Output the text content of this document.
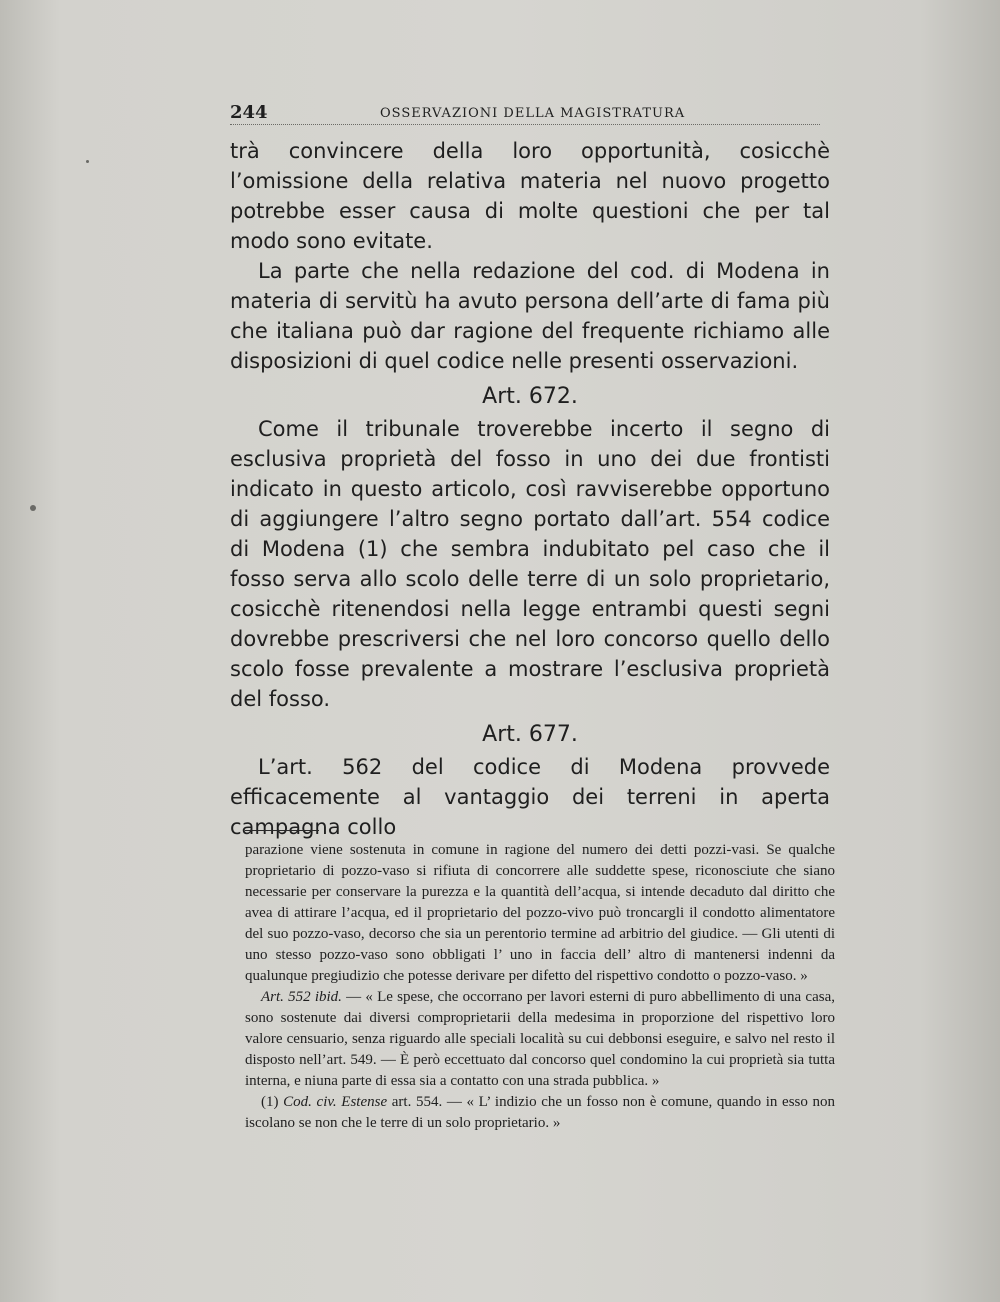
244	OSSERVAZIONI DELLA MAGISTRATURA

trà convincere della loro opportunità, cosicchè l’omissione della relativa materia nel nuovo progetto potrebbe esser causa di molte questioni che per tal modo sono evitate.

La parte che nella redazione del cod. di Modena in materia di servitù ha avuto persona dell’arte di fama più che italiana può dar ragione del frequente richiamo alle disposizioni di quel codice nelle presenti osservazioni.

Art. 672.

Come il tribunale troverebbe incerto il segno di esclusiva proprietà del fosso in uno dei due frontisti indicato in questo articolo, così ravviserebbe opportuno di aggiungere l’altro segno portato dall’art. 554 codice di Modena (1) che sembra indubitato pel caso che il fosso serva allo scolo delle terre di un solo proprietario, cosicchè ritenendosi nella legge entrambi questi segni dovrebbe prescriversi che nel loro concorso quello dello scolo fosse prevalente a mostrare l’esclusiva proprietà del fosso.

Art. 677.

L’art. 562 del codice di Modena provvede efficacemente al vantaggio dei terreni in aperta campagna collo

parazione viene sostenuta in comune in ragione del numero dei detti pozzi-vasi. Se qualche proprietario di pozzo-vaso si rifiuta di concorrere alle suddette spese, riconosciute che siano necessarie per conservare la purezza e la quantità dell’acqua, si intende decaduto dal diritto che avea di attirare l’acqua, ed il proprietario del pozzo-vivo può troncargli il condotto alimentatore del suo pozzo-vaso, decorso che sia un perentorio termine ad arbitrio del giudice. — Gli utenti di uno stesso pozzo-vaso sono obbligati l’ uno in faccia dell’ altro di mantenersi indenni da qualunque pregiudizio che potesse derivare per difetto del rispettivo condotto o pozzo-vaso. »

Art. 552 ibid. — « Le spese, che occorrano per lavori esterni di puro abbellimento di una casa, sono sostenute dai diversi comproprietarii della medesima in proporzione del rispettivo loro valore censuario, senza riguardo alle speciali località su cui debbonsi eseguire, e salvo nel resto il disposto nell’art. 549. — È però eccettuato dal concorso quel condomino la cui proprietà sia tutta interna, e niuna parte di essa sia a contatto con una strada pubblica. »

(1) Cod. civ. Estense art. 554. — « L’ indizio che un fosso non è comune, quando in esso non iscolano se non che le terre di un solo proprietario. »
